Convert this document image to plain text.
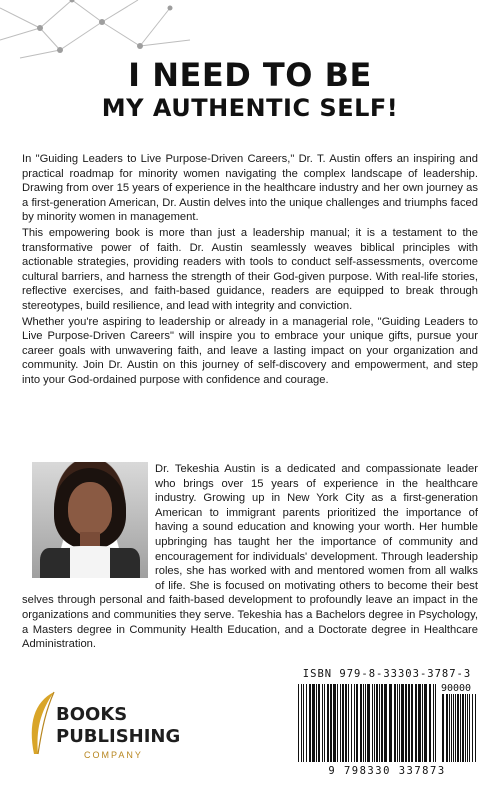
I NEED TO BE
MY AUTHENTIC SELF!

In "Guiding Leaders to Live Purpose-Driven Careers," Dr. T. Austin offers an inspiring and practical roadmap for minority women navigating the complex landscape of leadership. Drawing from over 15 years of experience in the healthcare industry and her own journey as a first-generation American, Dr. Austin delves into the unique challenges and triumphs faced by minority women in management.

This empowering book is more than just a leadership manual; it is a testament to the transformative power of faith. Dr. Austin seamlessly weaves biblical principles with actionable strategies, providing readers with tools to conduct self-assessments, overcome cultural barriers, and harness the strength of their God-given purpose. With real-life stories, reflective exercises, and faith-based guidance, readers are equipped to break through stereotypes, build resilience, and lead with integrity and conviction.

Whether you're aspiring to leadership or already in a managerial role, "Guiding Leaders to Live Purpose-Driven Careers" will inspire you to embrace your unique gifts, pursue your career goals with unwavering faith, and leave a lasting impact on your organization and community. Join Dr. Austin on this journey of self-discovery and empowerment, and step into your God-ordained purpose with confidence and courage.

Dr. Tekeshia Austin is a dedicated and compassionate leader who brings over 15 years of experience in the healthcare industry. Growing up in New York City as a first-generation American to immigrant parents prioritized the importance of having a sound education and knowing your worth. Her humble upbringing has taught her the importance of community and encouragement for individuals' development. Through leadership roles, she has worked with and mentored women from all walks of life. She is focused on motivating others to become their best selves through personal and faith-based development to profoundly leave an impact in the organizations and communities they serve. Tekeshia has a Bachelors degree in Psychology, a Masters degree in Community Health Education, and a Doctorate degree in Healthcare Administration.

ISBN 979-8-33303-3787-3
90000
9 798330 337873
BOOKS
PUBLISHING
COMPANY
